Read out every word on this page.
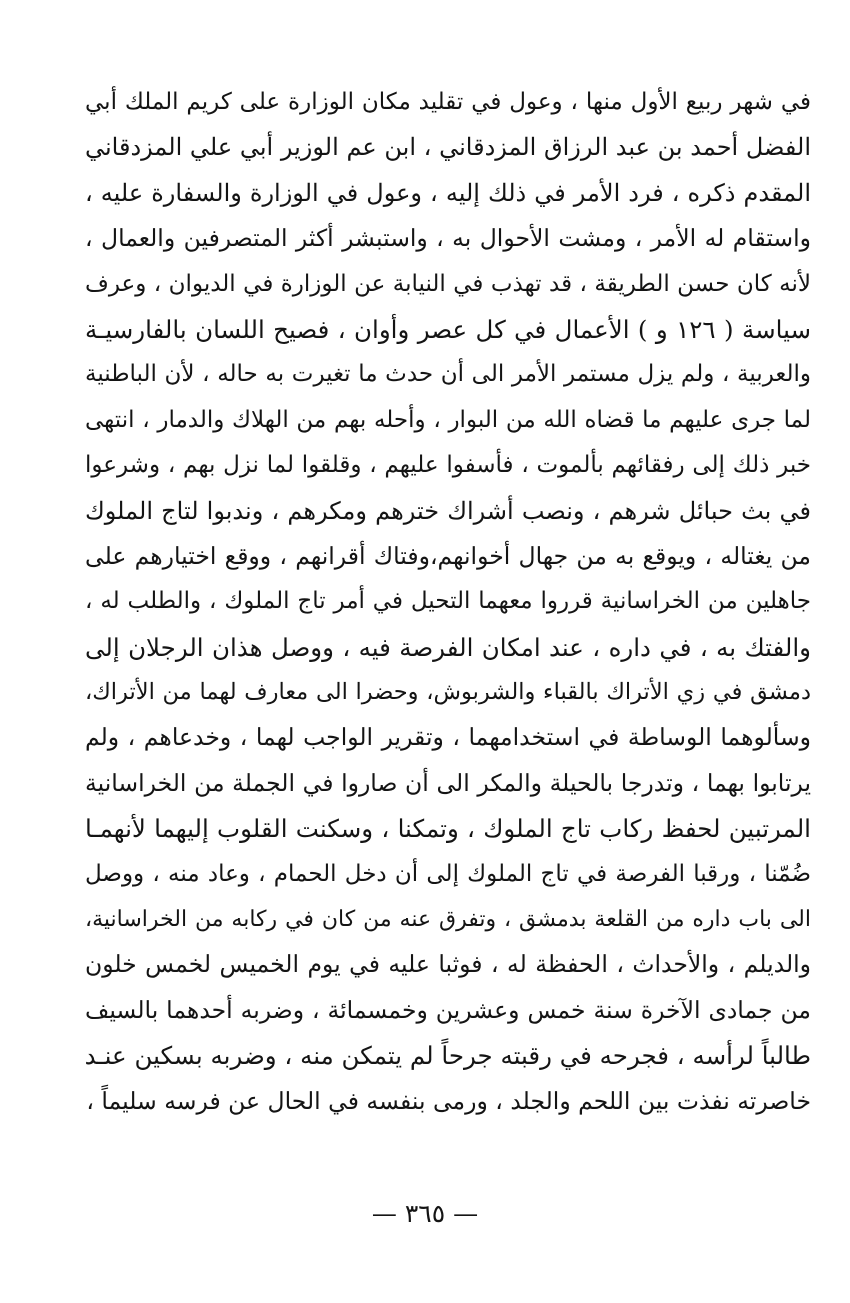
في شهر ربيع الأول منها ، وعول في تقليد مكان الوزارة على كريم الملك أبي
الفضل أحمد بن عبد الرزاق المزدقاني ، ابن عم الوزير أبي علي المزدقاني
المقدم ذكره ، فرد الأمر في ذلك إليه ، وعول في الوزارة والسفارة عليه ،
واستقام له الأمر ، ومشت الأحوال به ، واستبشر أكثر المتصرفين والعمال ،
لأنه كان حسن الطريقة ، قد تهذب في النيابة عن الوزارة في الديوان ، وعرف
سياسة ( ١٢٦ و ) الأعمال في كل عصر وأوان ، فصيح اللسان بالفارسيـة
والعربية ، ولم يزل مستمر الأمر الى أن حدث ما تغيرت به حاله ، لأن الباطنية
لما جرى عليهم ما قضاه الله من البوار ، وأحله بهم من الهلاك والدمار ، انتهى
خبر ذلك إلى رفقائهم بألموت ، فأسفوا عليهم ، وقلقوا لما نزل بهم ، وشرعوا
في بث حبائل شرهم ، ونصب أشراك خترهم ومكرهم ، وندبوا لتاج الملوك
من يغتاله ، ويوقع به من جهال أخوانهم،وفتاك أقرانهم ، ووقع اختيارهم على
جاهلين من الخراسانية قرروا معهما التحيل في أمر تاج الملوك ، والطلب له ،
والفتك به ، في داره ، عند امكان الفرصة فيه ، ووصل هذان الرجلان إلى
دمشق في زي الأتراك بالقباء والشربوش، وحضرا الى معارف لهما من الأتراك،
وسألوهما الوساطة في استخدامهما ، وتقرير الواجب لهما ، وخدعاهم ، ولم
يرتابوا بهما ، وتدرجا بالحيلة والمكر الى أن صاروا في الجملة من الخراسانية
المرتبين لحفظ ركاب تاج الملوك ، وتمكنا ، وسكنت القلوب إليهما لأنهمـا
ضُمّنا ، ورقبا الفرصة في تاج الملوك إلى أن دخل الحمام ، وعاد منه ، ووصل
الى باب داره من القلعة بدمشق ، وتفرق عنه من كان في ركابه من الخراسانية،
والديلم ، والأحداث ، الحفظة له ، فوثبا عليه في يوم الخميس لخمس خلون
من جمادى الآخرة سنة خمس وعشرين وخمسمائة ، وضربه أحدهما بالسيف
طالباً لرأسه ، فجرحه في رقبته جرحاً لم يتمكن منه ، وضربه بسكين عنـد
خاصرته نفذت بين اللحم والجلد ، ورمى بنفسه في الحال عن فرسه سليماً ،
— ٣٦٥ —
